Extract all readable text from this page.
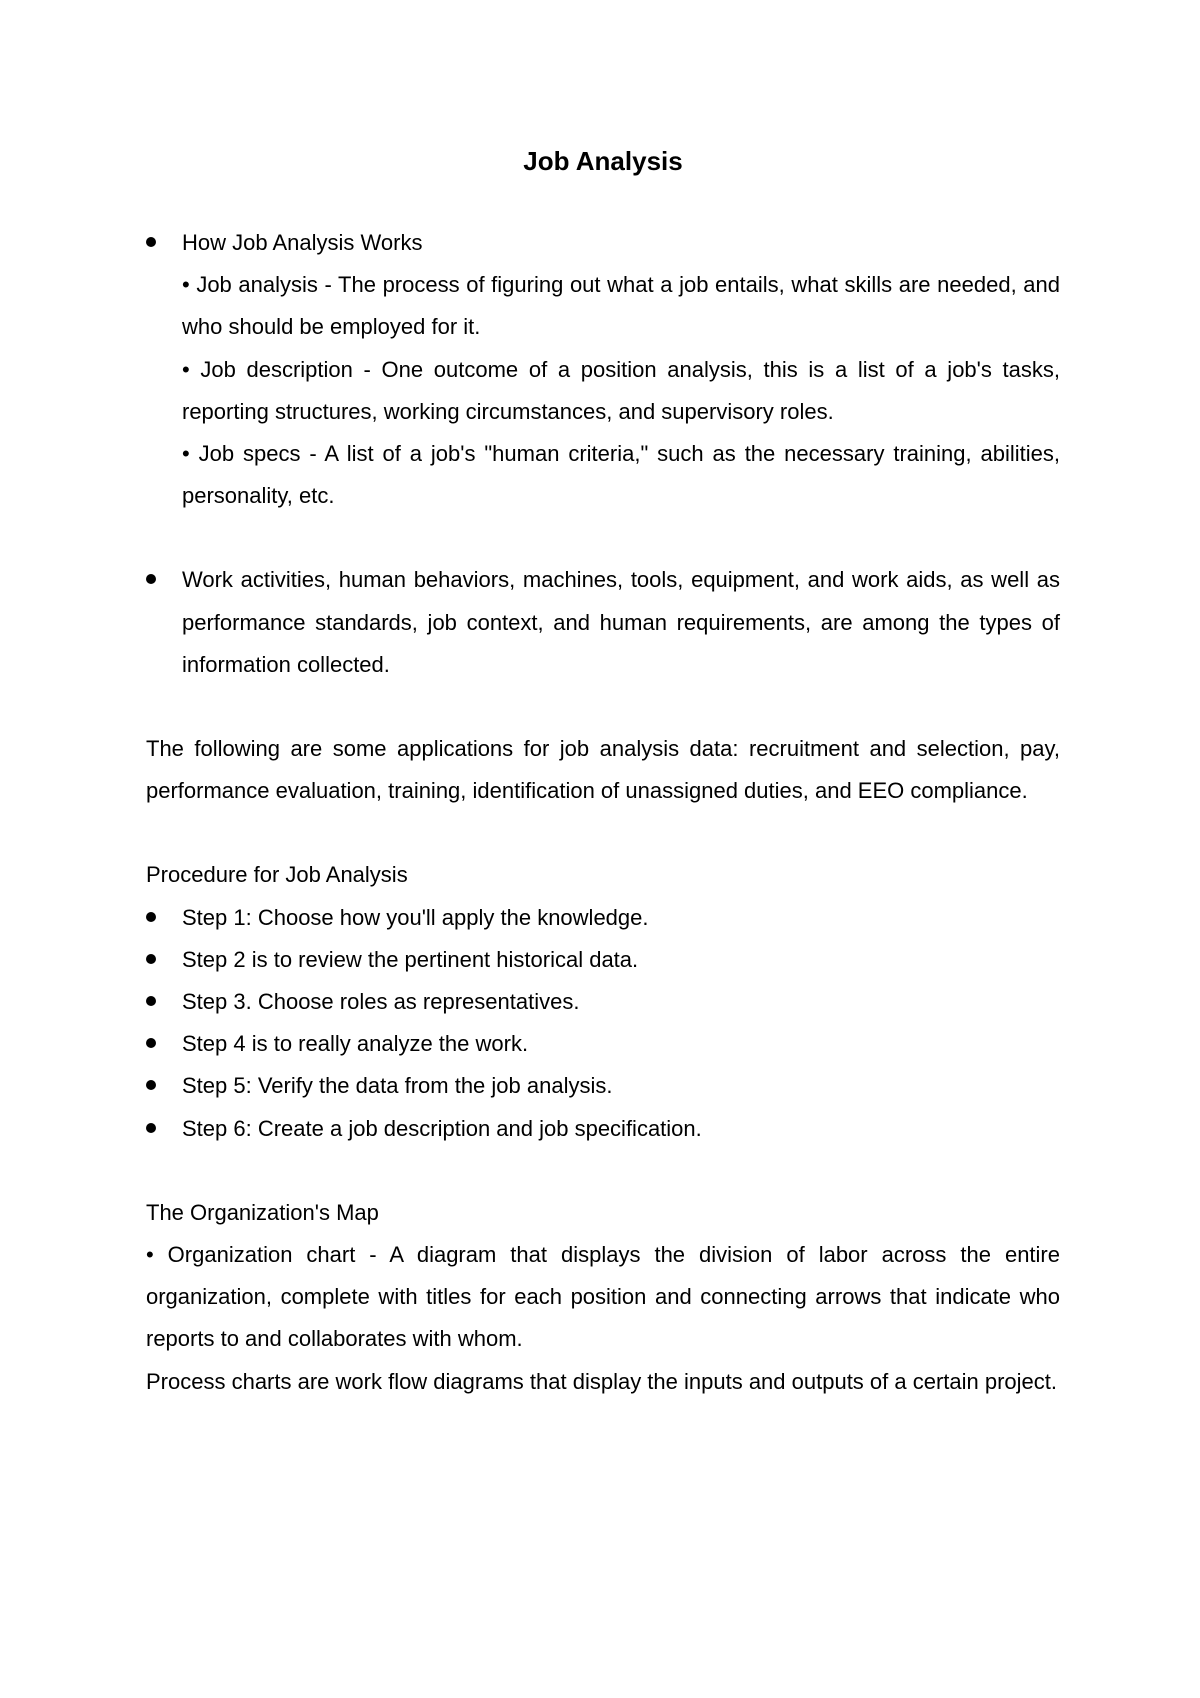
Job Analysis
How Job Analysis Works
• Job analysis - The process of figuring out what a job entails, what skills are needed, and who should be employed for it.
• Job description - One outcome of a position analysis, this is a list of a job's tasks, reporting structures, working circumstances, and supervisory roles.
• Job specs - A list of a job's "human criteria," such as the necessary training, abilities, personality, etc.
Work activities, human behaviors, machines, tools, equipment, and work aids, as well as performance standards, job context, and human requirements, are among the types of information collected.

The following are some applications for job analysis data: recruitment and selection, pay, performance evaluation, training, identification of unassigned duties, and EEO compliance.

Procedure for Job Analysis

Step 1: Choose how you'll apply the knowledge.
Step 2 is to review the pertinent historical data.
Step 3. Choose roles as representatives.
Step 4 is to really analyze the work.
Step 5: Verify the data from the job analysis.
Step 6: Create a job description and job specification.

The Organization's Map

• Organization chart - A diagram that displays the division of labor across the entire organization, complete with titles for each position and connecting arrows that indicate who reports to and collaborates with whom.

Process charts are work flow diagrams that display the inputs and outputs of a certain project.
